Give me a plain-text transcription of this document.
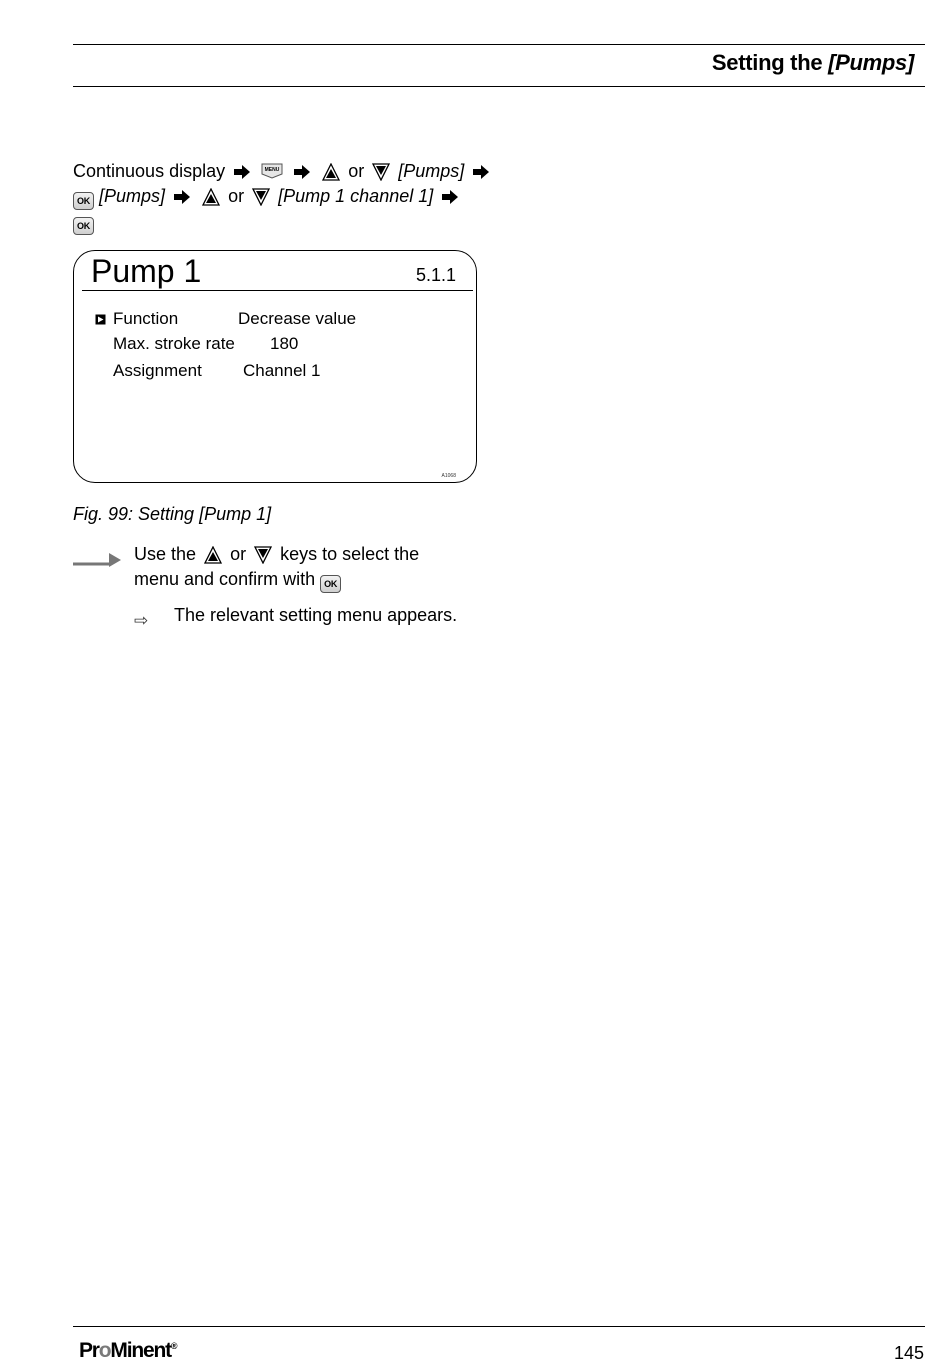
Setting the [Pumps]
Continuous display	MENU	or [Pumps]
OK [Pumps]	or [Pump 1 channel 1]
OK
Pump 1	5.1.1
Function	Decrease value
Max. stroke rate 180
Assignment Channel 1
A1068
Fig. 99: Setting [Pump 1]
Use the or keys to select the
menu and confirm with OK
⇨ The relevant setting menu appears.
ProMinent®	145
